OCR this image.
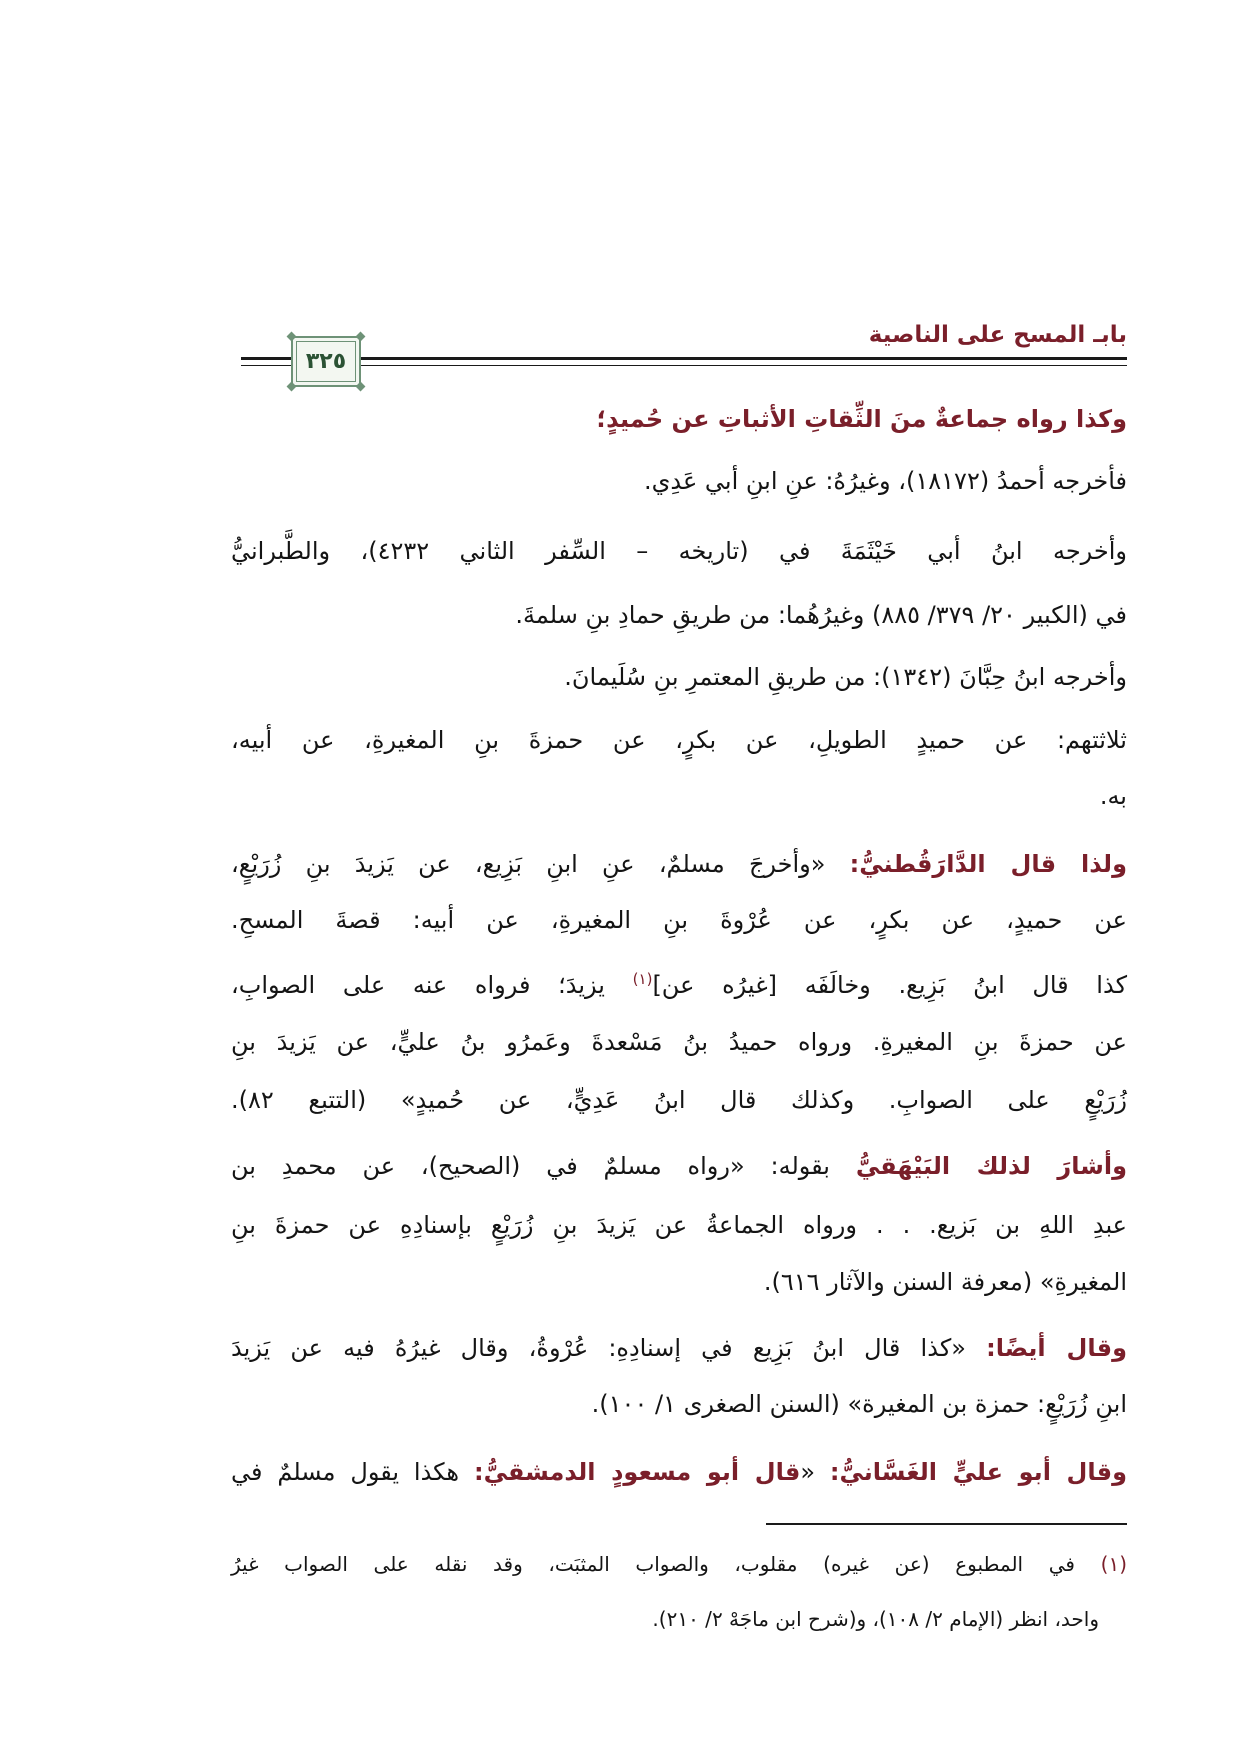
بابـ المسح على الناصية
٣٢٥
وكذا رواه جماعةٌ منَ الثِّقاتِ الأثباتِ عن حُميدٍ؛
فأخرجه أحمدُ (١٨١٧٢)، وغيرُهُ: عنِ ابنِ أبي عَدِي.
وأخرجه ابنُ أبي خَيْثَمَةَ في (تاريخه – السِّفر الثاني ٤٢٣٢)، والطَّبرانيُّ
في (الكبير ٢٠/ ٣٧٩/ ٨٨٥) وغيرُهُما: من طريقِ حمادِ بنِ سلمةَ.
وأخرجه ابنُ حِبَّانَ (١٣٤٢): من طريقِ المعتمرِ بنِ سُلَيمانَ.
ثلاثتهم: عن حميدٍ الطويلِ، عن بكرٍ، عن حمزةَ بنِ المغيرةِ، عن أبيه،
به.
ولذا قال الدَّارَقُطنيُّ: «وأخرجَ مسلمٌ، عنِ ابنِ بَزِيع، عن يَزيدَ بنِ زُرَيْعٍ،
عن حميدٍ، عن بكرٍ، عن عُرْوةَ بنِ المغيرةِ، عن أبيه: قصةَ المسحِ.
كذا قال ابنُ بَزِيع. وخالَفَه [غيرُه عن]$^{(١)}$ يزيدَ؛ فرواه عنه على الصوابِ،
عن حمزةَ بنِ المغيرةِ. ورواه حميدُ بنُ مَسْعدةَ وعَمرُو بنُ عليٍّ، عن يَزيدَ بنِ
زُرَيْعٍ على الصوابِ. وكذلك قال ابنُ عَدِيٍّ، عن حُميدٍ» (التتبع ٨٢).
وأشارَ لذلك البَيْهَقيُّ بقوله: «رواه مسلمٌ في (الصحيح)، عن محمدِ بن
عبدِ اللهِ بن بَزيع. . . ورواه الجماعةُ عن يَزيدَ بنِ زُرَيْعٍ بإسنادِهِ عن حمزةَ بنِ
المغيرةِ» (معرفة السنن والآثار ٦١٦).
وقال أيضًا: «كذا قال ابنُ بَزِيع في إسنادِهِ: عُرْوةُ، وقال غيرُهُ فيه عن يَزيدَ
ابنِ زُرَيْعٍ: حمزة بن المغيرة» (السنن الصغرى ١/ ١٠٠).
وقال أبو عليٍّ الغَسَّانيُّ: «قال أبو مسعودٍ الدمشقيُّ: هكذا يقول مسلمٌ في
(١) في المطبوع (عن غيره) مقلوب، والصواب المثبَت، وقد نقله على الصواب غيرُ
واحد، انظر (الإمام ٢/ ١٠٨)، و(شرح ابن ماجَهْ ٢/ ٢١٠).
